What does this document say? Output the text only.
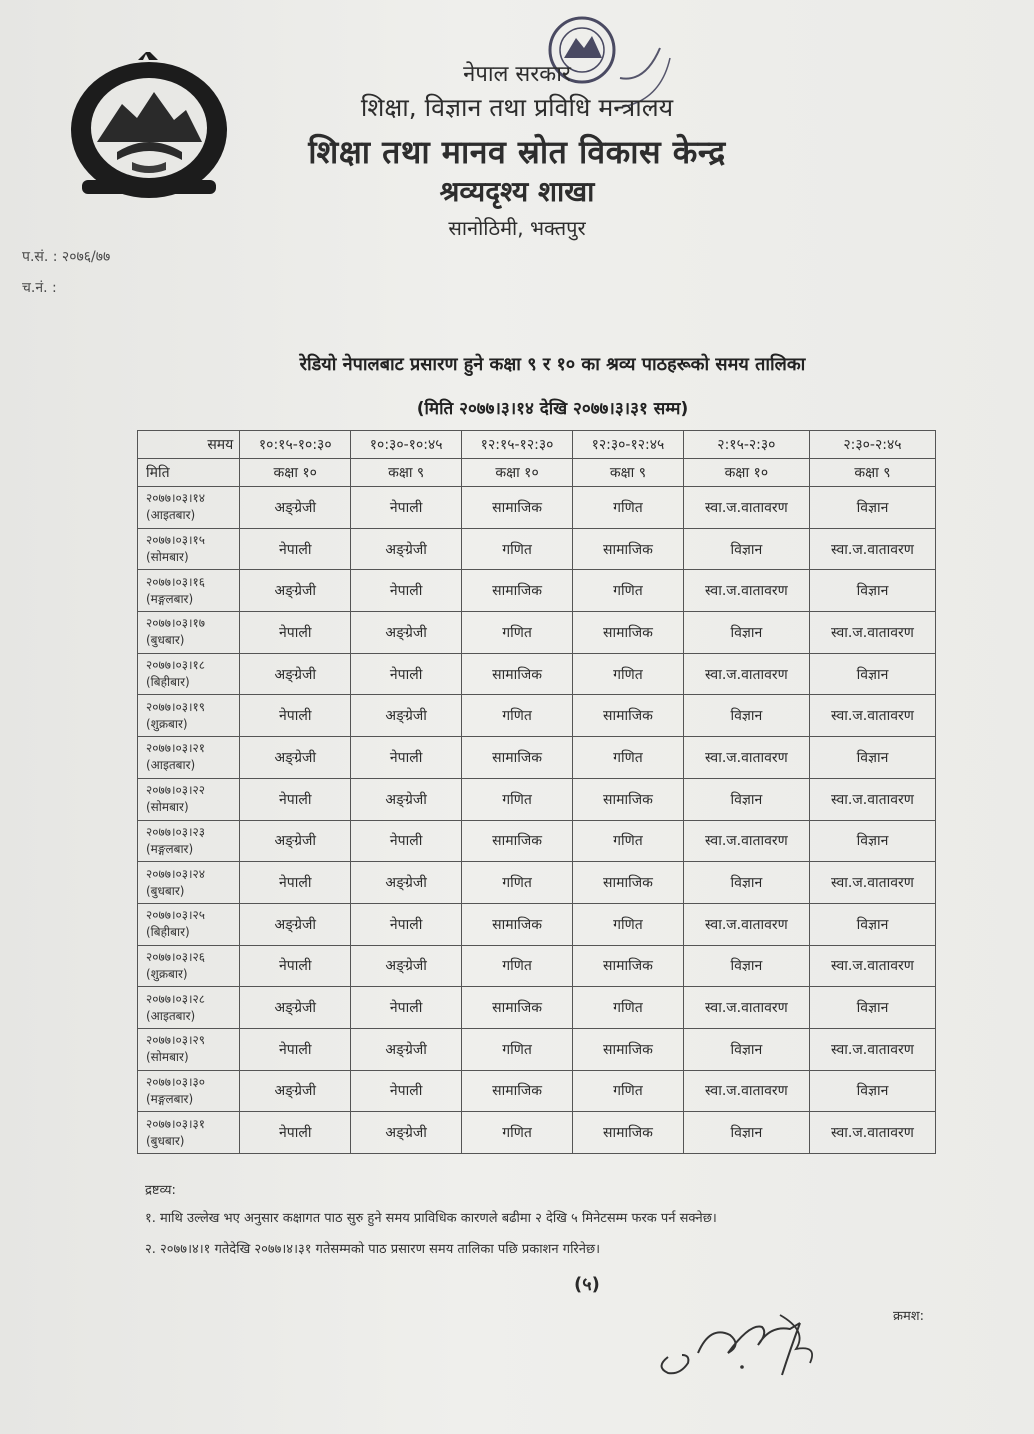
नेपाल सरकार
शिक्षा, विज्ञान तथा प्रविधि मन्त्रालय
शिक्षा तथा मानव स्रोत विकास केन्द्र
श्रव्यदृश्य शाखा
सानोठिमी, भक्तपुर
प.सं. : २०७६/७७
च.नं. :
रेडियो नेपालबाट प्रसारण हुने कक्षा ९ र १० का श्रव्य पाठहरूको समय तालिका
(मिति २०७७।३।१४ देखि २०७७।३।३१ सम्म)
समय	१०:१५-१०:३०	१०:३०-१०:४५	१२:१५-१२:३०	१२:३०-१२:४५	२:१५-२:३०	२:३०-२:४५
मिति	कक्षा १०	कक्षा ९	कक्षा १०	कक्षा ९	कक्षा १०	कक्षा ९

२०७७।०३।१४
(आइतबार)	अङ्ग्रेजी	नेपाली	सामाजिक	गणित	स्वा.ज.वातावरण	विज्ञान

२०७७।०३।१५
(सोमबार)	नेपाली	अङ्ग्रेजी	गणित	सामाजिक	विज्ञान	स्वा.ज.वातावरण

२०७७।०३।१६
(मङ्गलबार)	अङ्ग्रेजी	नेपाली	सामाजिक	गणित	स्वा.ज.वातावरण	विज्ञान

२०७७।०३।१७
(बुधबार)	नेपाली	अङ्ग्रेजी	गणित	सामाजिक	विज्ञान	स्वा.ज.वातावरण

२०७७।०३।१८
(बिहीबार)	अङ्ग्रेजी	नेपाली	सामाजिक	गणित	स्वा.ज.वातावरण	विज्ञान

२०७७।०३।१९
(शुक्रबार)	नेपाली	अङ्ग्रेजी	गणित	सामाजिक	विज्ञान	स्वा.ज.वातावरण

२०७७।०३।२१
(आइतबार)	अङ्ग्रेजी	नेपाली	सामाजिक	गणित	स्वा.ज.वातावरण	विज्ञान

२०७७।०३।२२
(सोमबार)	नेपाली	अङ्ग्रेजी	गणित	सामाजिक	विज्ञान	स्वा.ज.वातावरण

२०७७।०३।२३
(मङ्गलबार)	अङ्ग्रेजी	नेपाली	सामाजिक	गणित	स्वा.ज.वातावरण	विज्ञान

२०७७।०३।२४
(बुधबार)	नेपाली	अङ्ग्रेजी	गणित	सामाजिक	विज्ञान	स्वा.ज.वातावरण

२०७७।०३।२५
(बिहीबार)	अङ्ग्रेजी	नेपाली	सामाजिक	गणित	स्वा.ज.वातावरण	विज्ञान

२०७७।०३।२६
(शुक्रबार)	नेपाली	अङ्ग्रेजी	गणित	सामाजिक	विज्ञान	स्वा.ज.वातावरण

२०७७।०३।२८
(आइतबार)	अङ्ग्रेजी	नेपाली	सामाजिक	गणित	स्वा.ज.वातावरण	विज्ञान

२०७७।०३।२९
(सोमबार)	नेपाली	अङ्ग्रेजी	गणित	सामाजिक	विज्ञान	स्वा.ज.वातावरण

२०७७।०३।३०
(मङ्गलबार)	अङ्ग्रेजी	नेपाली	सामाजिक	गणित	स्वा.ज.वातावरण	विज्ञान

२०७७।०३।३१
(बुधबार)	नेपाली	अङ्ग्रेजी	गणित	सामाजिक	विज्ञान	स्वा.ज.वातावरण
द्रष्टव्य:
१. माथि उल्लेख भए अनुसार कक्षागत पाठ सुरु हुने समय प्राविधिक कारणले बढीमा २ देखि ५ मिनेटसम्म फरक पर्न सक्नेछ।
२. २०७७।४।१ गतेदेखि २०७७।४।३१ गतेसम्मको पाठ प्रसारण समय तालिका पछि प्रकाशन गरिनेछ।
(५)
क्रमश:
